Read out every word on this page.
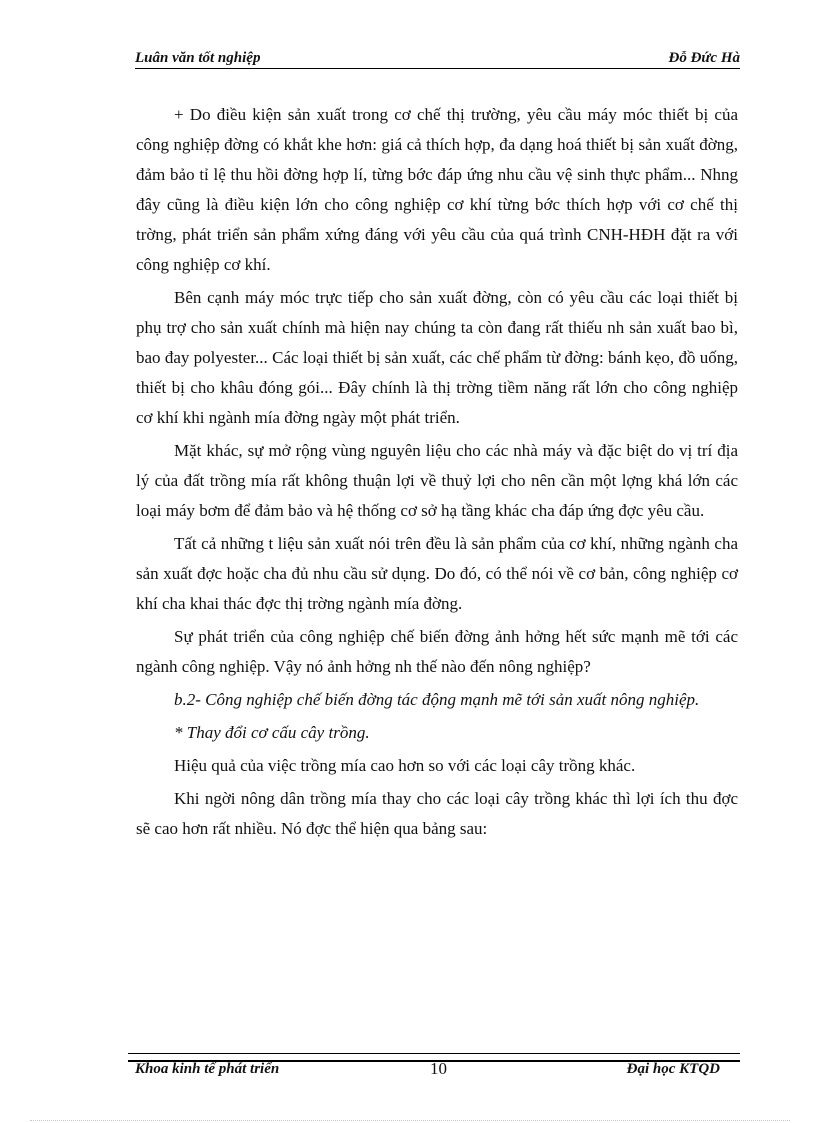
Luân văn tốt nghiệp	Đỗ Đức Hà

+ Do điều kiện sản xuất trong cơ chế thị trường, yêu cầu máy móc thiết bị của công nghiệp đờng có khắt khe hơn: giá cả thích hợp, đa dạng hoá thiết bị sản xuất đờng, đảm bảo tỉ lệ thu hồi đờng hợp lí, từng bớc đáp ứng nhu cầu vệ sinh thực phẩm... Nhng đây cũng là điều kiện lớn cho công nghiệp cơ khí từng bớc thích hợp với cơ chế thị trờng, phát triển sản phẩm xứng đáng với yêu cầu của quá trình CNH-HĐH đặt ra với công nghiệp cơ khí.

Bên cạnh máy móc trực tiếp cho sản xuất đờng, còn có yêu cầu các loại thiết bị phụ trợ cho sản xuất chính mà hiện nay chúng ta còn đang rất thiếu nh sản xuất bao bì, bao đay polyester... Các loại thiết bị sản xuất, các chế phẩm từ đờng: bánh kẹo, đồ uống, thiết bị cho khâu đóng gói... Đây chính là thị trờng tiềm năng rất lớn cho công nghiệp cơ khí khi ngành mía đờng ngày một phát triển.

Mặt khác, sự mở rộng vùng nguyên liệu cho các nhà máy và đặc biệt do vị trí địa lý của đất trồng mía rất không thuận lợi về thuỷ lợi cho nên cần một lợng khá lớn các loại máy bơm để đảm bảo và hệ thống cơ sở hạ tầng khác cha đáp ứng đợc yêu cầu.

Tất cả những t liệu sản xuất nói trên đều là sản phẩm của cơ khí, những ngành cha sản xuất đợc hoặc cha đủ nhu cầu sử dụng. Do đó, có thể nói về cơ bản, công nghiệp cơ khí cha khai thác đợc thị trờng ngành mía đờng.

Sự phát triển của công nghiệp chế biến đờng ảnh hởng hết sức mạnh mẽ tới các ngành công nghiệp. Vậy nó ảnh hởng nh thế nào đến nông nghiệp?

b.2- Công nghiệp chế biến đờng tác động mạnh mẽ tới sản xuất nông nghiệp.

* Thay đổi cơ cấu cây trồng.

Hiệu quả của việc trồng mía cao hơn so với các loại cây trồng khác.

Khi ngời nông dân trồng mía thay cho các loại cây trồng khác thì lợi ích thu đợc sẽ cao hơn rất nhiều. Nó đợc thể hiện qua bảng sau:

Khoa kinh tế phát triển	10	Đại học KTQD
